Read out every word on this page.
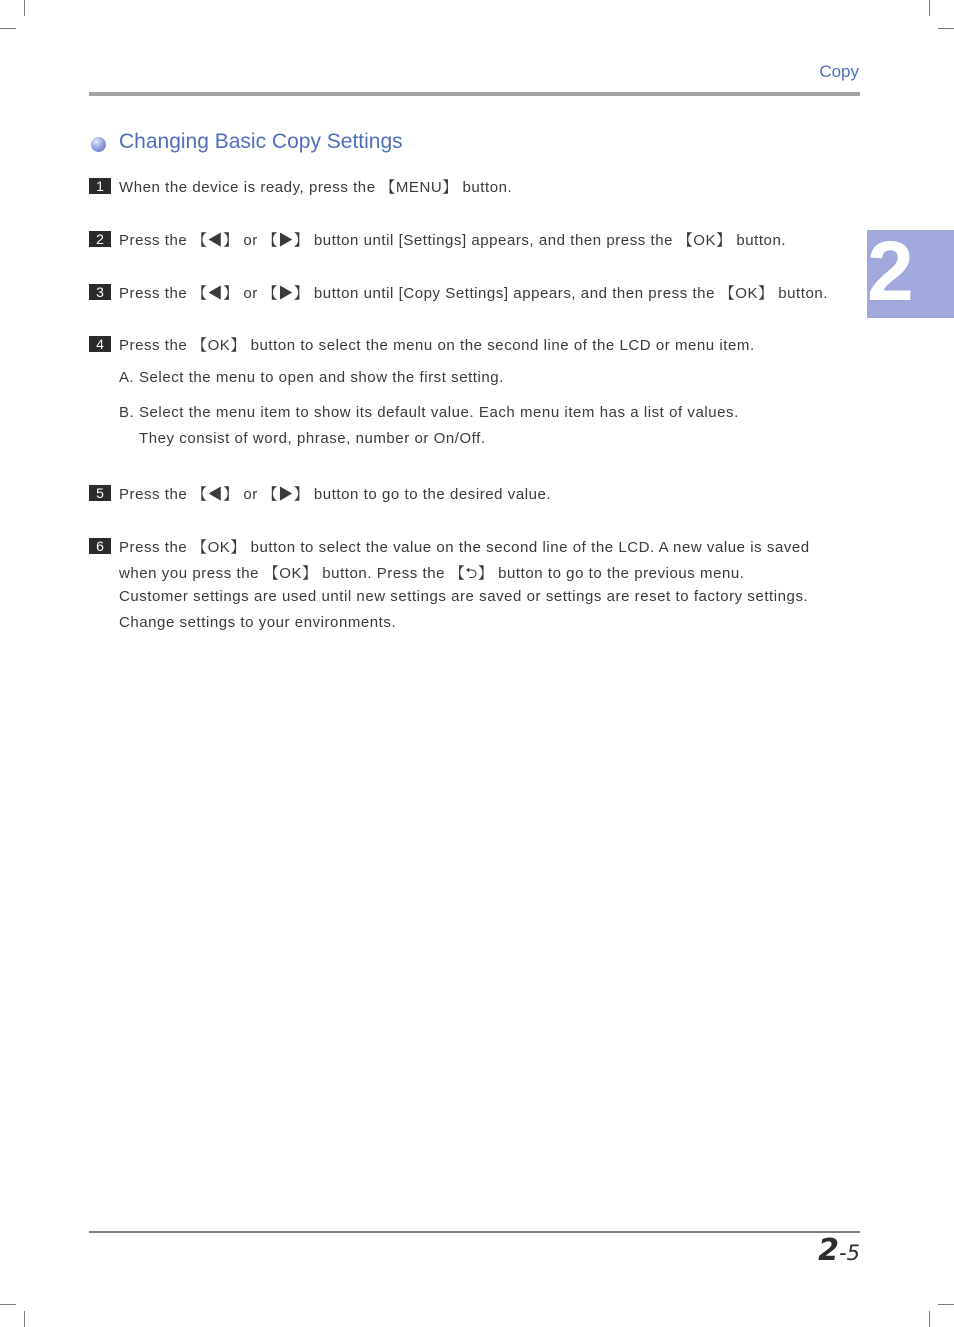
Copy
2
Changing Basic Copy Settings
1	When the device is ready, press the 【MENU】 button.
2	Press the 【◀】 or 【▶】 button until [Settings] appears, and then press the 【OK】 button.
3	Press the 【◀】 or 【▶】 button until [Copy Settings] appears, and then press the 【OK】 button.
4	Press the 【OK】 button to select the menu on the second line of the LCD or menu item.
A. Select the menu to open and show the first setting.
B. Select the menu item to show its default value. Each menu item has a list of values.
They consist of word, phrase, number or On/Off.
5	Press the 【◀】 or 【▶】 button to go to the desired value.
6	Press the 【OK】 button to select the value on the second line of the LCD. A new value is saved
when you press the 【OK】 button. Press the 【⮌】 button to go to the previous menu.
Customer settings are used until new settings are saved or settings are reset to factory settings.
Change settings to your environments.
2-5
